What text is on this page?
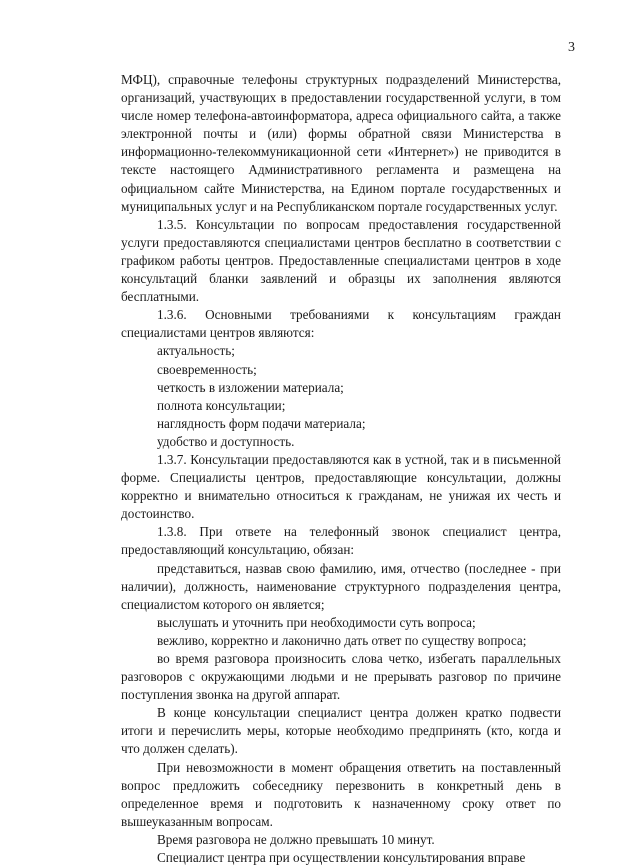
3

МФЦ), справочные телефоны структурных подразделений Министерства, организаций, участвующих в предоставлении государственной услуги, в том числе номер телефона-автоинформатора, адреса официального сайта, а также электронной почты и (или) формы обратной связи Министерства в информационно-телекоммуникационной сети «Интернет») не приводится в тексте настоящего Административного регламента и размещена на официальном сайте Министерства, на Едином портале государственных и муниципальных услуг и на Республиканском портале государственных услуг.

1.3.5. Консультации по вопросам предоставления государственной услуги предоставляются специалистами центров бесплатно в соответствии с графиком работы центров. Предоставленные специалистами центров в ходе консультаций бланки заявлений и образцы их заполнения являются бесплатными.

1.3.6. Основными требованиями к консультациям граждан специалистами центров являются:

актуальность;

своевременность;

четкость в изложении материала;

полнота консультации;

наглядность форм подачи материала;

удобство и доступность.

1.3.7. Консультации предоставляются как в устной, так и в письменной форме. Специалисты центров, предоставляющие консультации, должны корректно и внимательно относиться к гражданам, не унижая их честь и достоинство.

1.3.8. При ответе на телефонный звонок специалист центра, предоставляющий консультацию, обязан:

представиться, назвав свою фамилию, имя, отчество (последнее - при наличии), должность, наименование структурного подразделения центра, специалистом которого он является;

выслушать и уточнить при необходимости суть вопроса;

вежливо, корректно и лаконично дать ответ по существу вопроса;

во время разговора произносить слова четко, избегать параллельных разговоров с окружающими людьми и не прерывать разговор по причине поступления звонка на другой аппарат.

В конце консультации специалист центра должен кратко подвести итоги и перечислить меры, которые необходимо предпринять (кто, когда и что должен сделать).

При невозможности в момент обращения ответить на поставленный вопрос предложить собеседнику перезвонить в конкретный день в определенное время и подготовить к назначенному сроку ответ по вышеуказанным вопросам.

Время разговора не должно превышать 10 минут.

Специалист центра при осуществлении консультирования вправе
